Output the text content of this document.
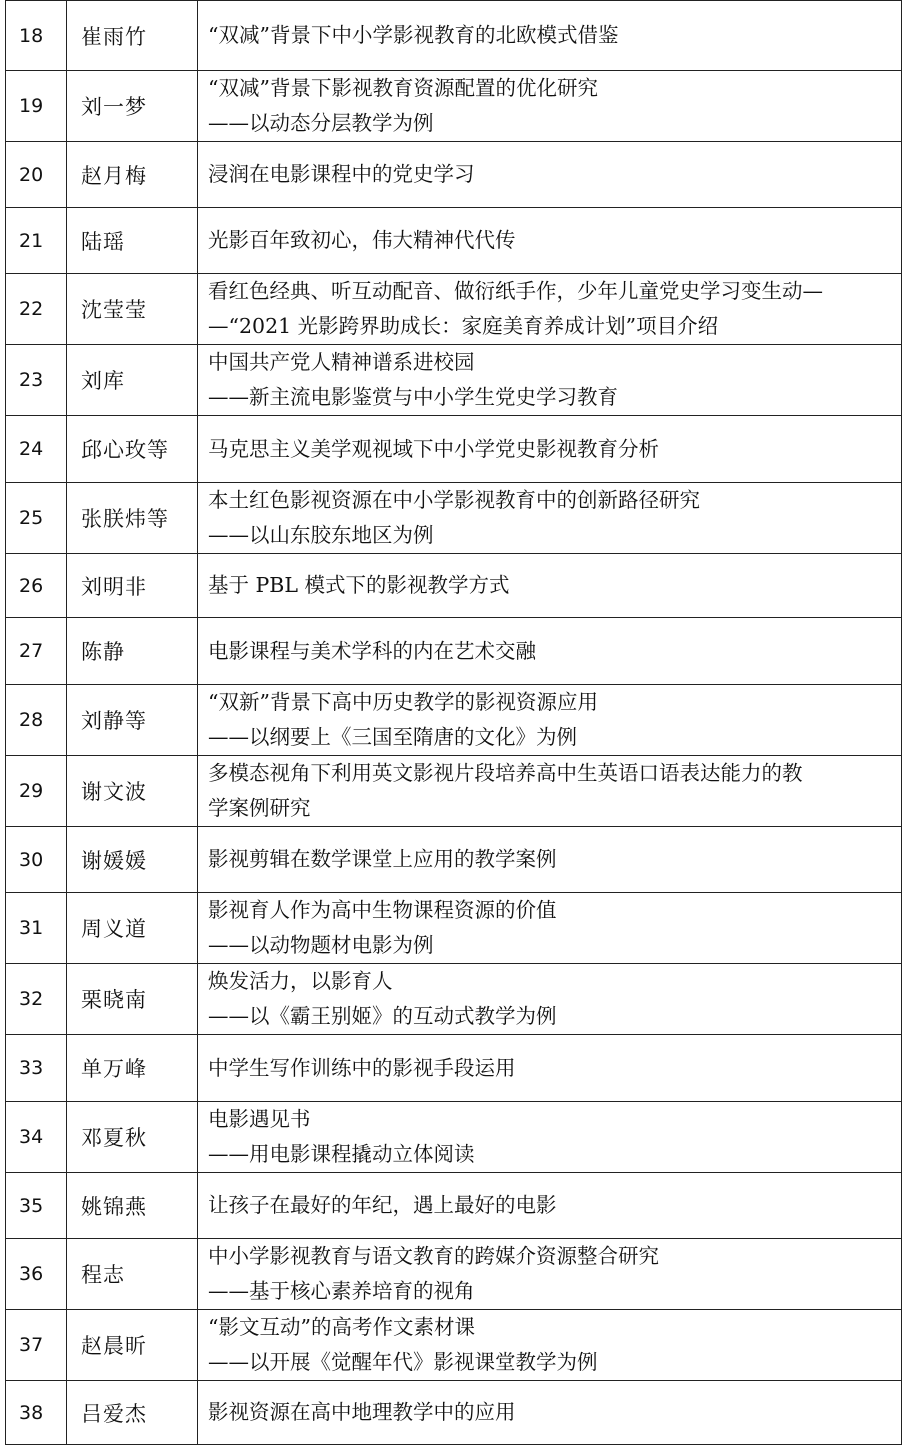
18	崔雨竹	“双减”背景下中小学影视教育的北欧模式借鉴

19	刘一梦	“双减”背景下影视教育资源配置的优化研究
——以动态分层教学为例

20	赵月梅	浸润在电影课程中的党史学习

21	陆瑶	光影百年致初心，伟大精神代代传

22	沈莹莹	看红色经典、听互动配音、做衍纸手作，少年儿童党史学习变生动—
—“2021 光影跨界助成长：家庭美育养成计划”项目介绍

23	刘库	中国共产党人精神谱系进校园
——新主流电影鉴赏与中小学生党史学习教育

24	邱心玫等	马克思主义美学观视域下中小学党史影视教育分析

25	张朕炜等	本土红色影视资源在中小学影视教育中的创新路径研究
——以山东胶东地区为例

26	刘明非	基于 PBL 模式下的影视教学方式

27	陈静	电影课程与美术学科的内在艺术交融

28	刘静等	“双新”背景下高中历史教学的影视资源应用
——以纲要上《三国至隋唐的文化》为例

29	谢文波	多模态视角下利用英文影视片段培养高中生英语口语表达能力的教
学案例研究

30	谢媛媛	影视剪辑在数学课堂上应用的教学案例

31	周义道	影视育人作为高中生物课程资源的价值
——以动物题材电影为例

32	栗晓南	焕发活力，以影育人
——以《霸王别姬》的互动式教学为例

33	单万峰	中学生写作训练中的影视手段运用

34	邓夏秋	电影遇见书
——用电影课程撬动立体阅读

35	姚锦燕	让孩子在最好的年纪，遇上最好的电影

36	程志	中小学影视教育与语文教育的跨媒介资源整合研究
——基于核心素养培育的视角

37	赵晨昕	“影文互动”的高考作文素材课
——以开展《觉醒年代》影视课堂教学为例

38	吕爱杰	影视资源在高中地理教学中的应用
